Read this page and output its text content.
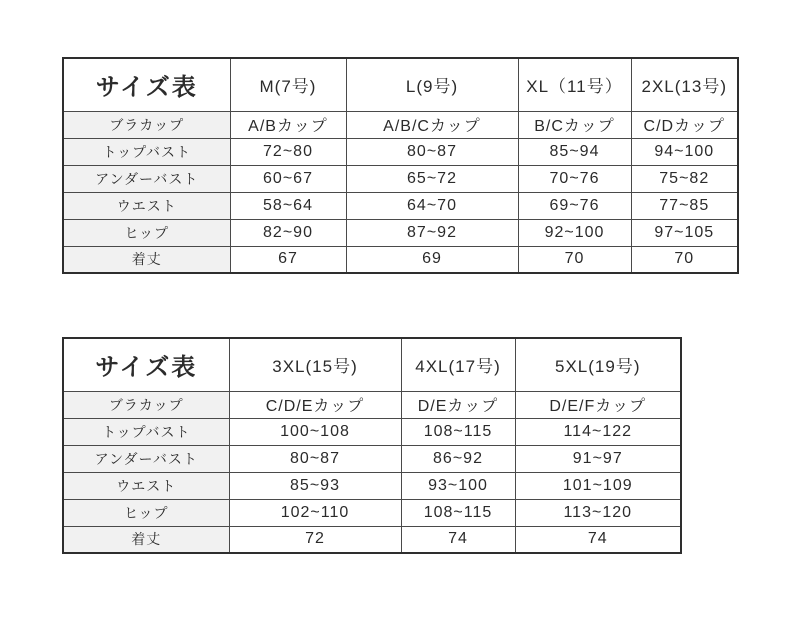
サイズ表	M(7号)	L(9号)	XL（11号）	2XL(13号)
ブラカップ	A/Bカップ	A/B/Cカップ	B/Cカップ	C/Dカップ
トップバスト	72~80	80~87	85~94	94~100
アンダーバスト	60~67	65~72	70~76	75~82
ウエスト	58~64	64~70	69~76	77~85
ヒップ	82~90	87~92	92~100	97~105
着丈	67	69	70	70
サイズ表	3XL(15号)	4XL(17号)	5XL(19号)
ブラカップ	C/D/Eカップ	D/Eカップ	D/E/Fカップ
トップバスト	100~108	108~115	114~122
アンダーバスト	80~87	86~92	91~97
ウエスト	85~93	93~100	101~109
ヒップ	102~110	108~115	113~120
着丈	72	74	74
